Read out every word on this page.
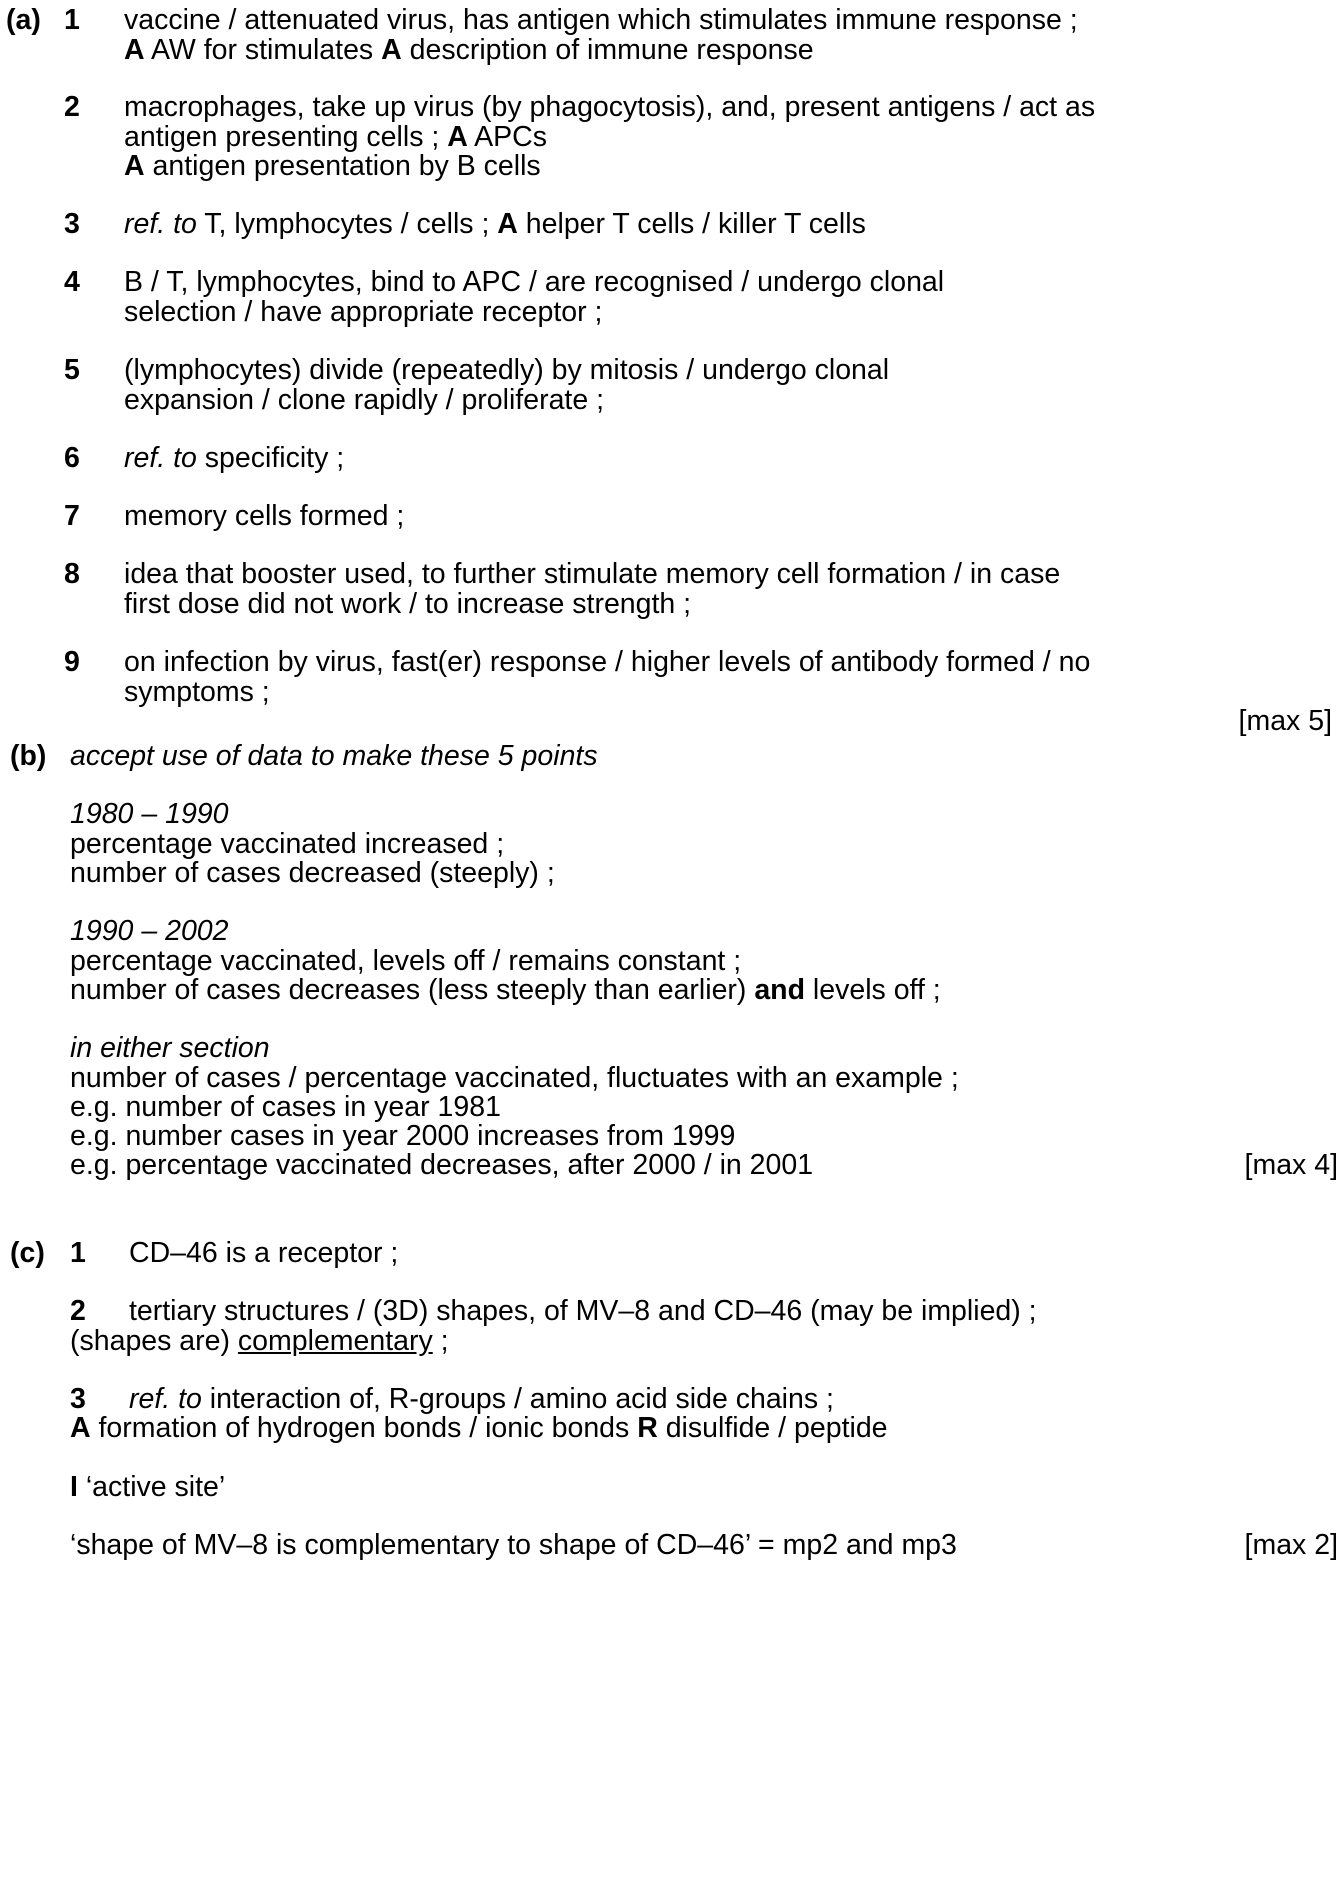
(a) 1 vaccine / attenuated virus, has antigen which stimulates immune response ;
A AW for stimulates A description of immune response
2 macrophages, take up virus (by phagocytosis), and, present antigens / act as
antigen presenting cells ; A APCs
A antigen presentation by B cells
3 ref. to T, lymphocytes / cells ; A helper T cells / killer T cells
4 B / T, lymphocytes, bind to APC / are recognised / undergo clonal
selection / have appropriate receptor ;
5 (lymphocytes) divide (repeatedly) by mitosis / undergo clonal
expansion / clone rapidly / proliferate ;
6 ref. to specificity ;
7 memory cells formed ;
8 idea that booster used, to further stimulate memory cell formation / in case
first dose did not work / to increase strength ;
9 on infection by virus, fast(er) response / higher levels of antibody formed / no
symptoms ;
[max 5]
(b) accept use of data to make these 5 points
1980 – 1990
percentage vaccinated increased ;
number of cases decreased (steeply) ;
1990 – 2002
percentage vaccinated, levels off / remains constant ;
number of cases decreases (less steeply than earlier) and levels off ;
in either section
number of cases / percentage vaccinated, fluctuates with an example ;
e.g. number of cases in year 1981
e.g. number cases in year 2000 increases from 1999
e.g. percentage vaccinated decreases, after 2000 / in 2001	[max 4]
(c) 1 CD–46 is a receptor ;
2 tertiary structures / (3D) shapes, of MV–8 and CD–46 (may be implied) ;
(shapes are) complementary ;
3 ref. to interaction of, R-groups / amino acid side chains ;
A formation of hydrogen bonds / ionic bonds R disulfide / peptide
I ‘active site’
‘shape of MV–8 is complementary to shape of CD–46’ = mp2 and mp3	[max 2]
